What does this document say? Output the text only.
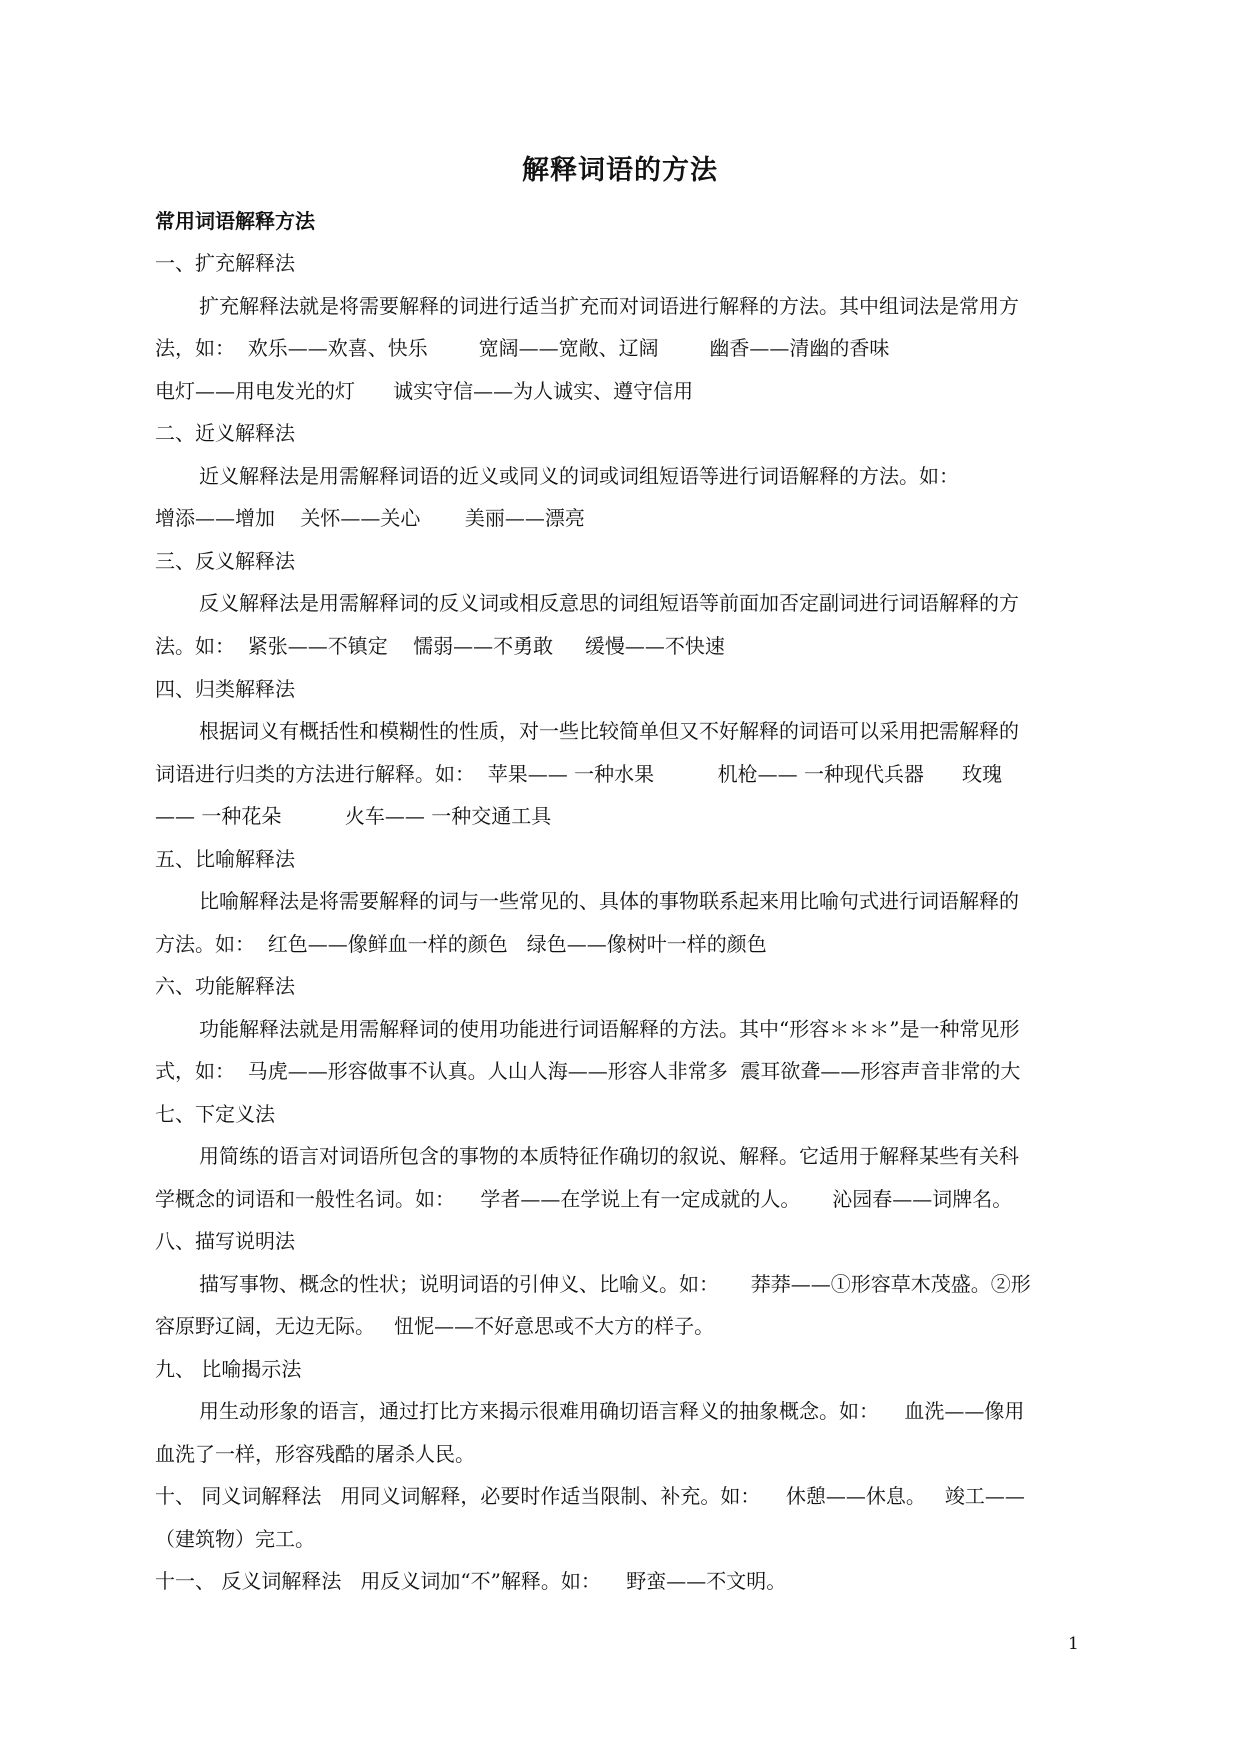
解释词语的方法
常用词语解释方法
一、扩充解释法
扩充解释法就是将需要解释的词进行适当扩充而对词语进行解释的方法。其中组词法是常用方
法，如：  欢乐——欢喜、快乐        宽阔——宽敞、辽阔        幽香——清幽的香味
电灯——用电发光的灯      诚实守信——为人诚实、遵守信用
二、近义解释法
近义解释法是用需解释词语的近义或同义的词或词组短语等进行词语解释的方法。如：
增添——增加    关怀——关心       美丽——漂亮
三、反义解释法
反义解释法是用需解释词的反义词或相反意思的词组短语等前面加否定副词进行词语解释的方
法。如：  紧张——不镇定    懦弱——不勇敢     缓慢——不快速
四、归类解释法
根据词义有概括性和模糊性的性质，对一些比较简单但又不好解释的词语可以采用把需解释的
词语进行归类的方法进行解释。如：  苹果—— 一种水果          机枪—— 一种现代兵器      玫瑰
—— 一种花朵          火车—— 一种交通工具
五、比喻解释法
比喻解释法是将需要解释的词与一些常见的、具体的事物联系起来用比喻句式进行词语解释的
方法。如：  红色——像鲜血一样的颜色   绿色——像树叶一样的颜色
六、功能解释法
功能解释法就是用需解释词的使用功能进行词语解释的方法。其中“形容＊＊＊”是一种常见形
式，如：  马虎——形容做事不认真。人山人海——形容人非常多  震耳欲聋——形容声音非常的大
七、下定义法
用简练的语言对词语所包含的事物的本质特征作确切的叙说、解释。它适用于解释某些有关科
学概念的词语和一般性名词。如：    学者——在学说上有一定成就的人。     沁园春——词牌名。
八、描写说明法
描写事物、概念的性状；说明词语的引伸义、比喻义。如：     莽莽——①形容草木茂盛。②形
容原野辽阔，无边无际。   忸怩——不好意思或不大方的样子。
九、 比喻揭示法
用生动形象的语言，通过打比方来揭示很难用确切语言释义的抽象概念。如：    血洗——像用
血洗了一样，形容残酷的屠杀人民。
十、 同义词解释法   用同义词解释，必要时作适当限制、补充。如：    休憩——休息。   竣工——
（建筑物）完工。
十一、 反义词解释法   用反义词加“不”解释。如：    野蛮——不文明。
1
